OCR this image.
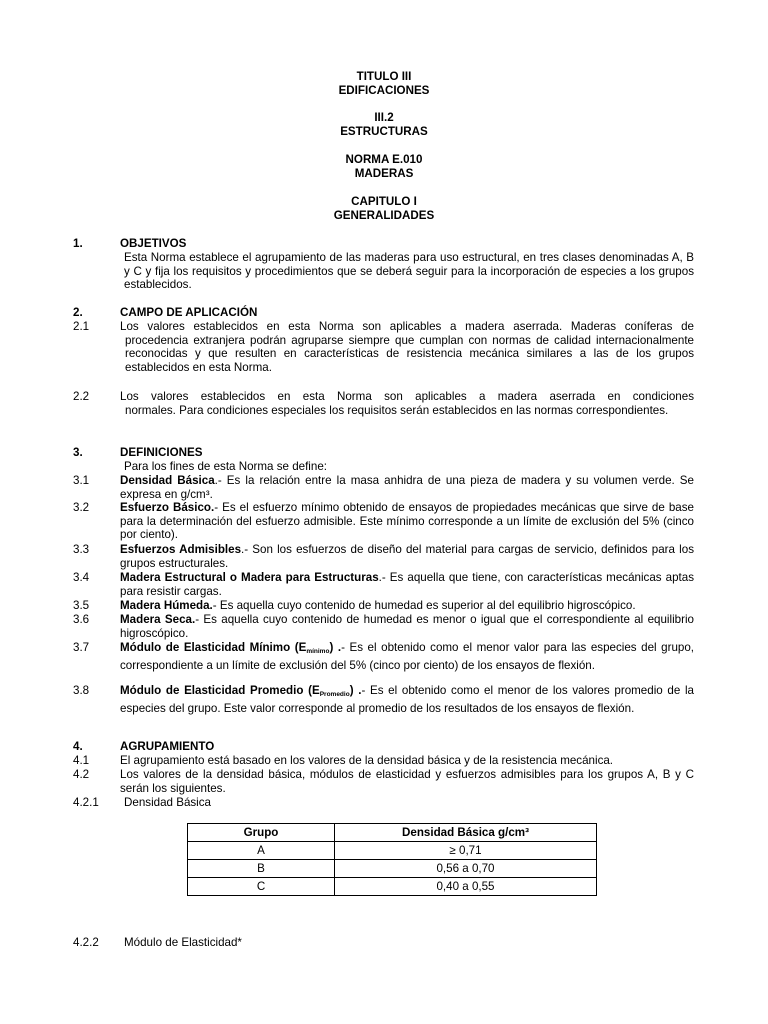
TITULO III
EDIFICACIONES
III.2
ESTRUCTURAS
NORMA E.010
MADERAS
CAPITULO I
GENERALIDADES
1.	OBJETIVOS
Esta Norma establece el agrupamiento de las maderas para uso estructural, en tres clases denominadas A, B y C y fija los requisitos y procedimientos que se deberá seguir para la incorporación de especies a los grupos establecidos.
2.	CAMPO DE APLICACIÓN
2.1	Los valores establecidos en esta Norma son aplicables a madera aserrada. Maderas coníferas de
procedencia extranjera podrán agruparse siempre que cumplan con normas de calidad internacionalmente reconocidas y que resulten en características de resistencia mecánica similares a las de los grupos establecidos en esta Norma.
2.2	Los valores establecidos en esta Norma son aplicables a madera aserrada en condiciones
normales. Para condiciones especiales los requisitos serán establecidos en las normas correspondientes.
3.	DEFINICIONES
Para los fines de esta Norma se define:
3.1	Densidad Básica.- Es la relación entre la masa anhidra de una pieza de madera y su volumen verde. Se expresa en g/cm³.
3.2	Esfuerzo Básico.- Es el esfuerzo mínimo obtenido de ensayos de propiedades mecánicas que sirve de base para la determinación del esfuerzo admisible. Este mínimo corresponde a un límite de exclusión del 5% (cinco por ciento).
3.3	Esfuerzos Admisibles.- Son los esfuerzos de diseño del material para cargas de servicio, definidos para los grupos estructurales.
3.4	Madera Estructural o Madera para Estructuras.- Es aquella que tiene, con características mecánicas aptas para resistir cargas.
3.5	Madera Húmeda.- Es aquella cuyo contenido de humedad es superior al del equilibrio higroscópico.
3.6	Madera Seca.- Es aquella cuyo contenido de humedad es menor o igual que el correspondiente al equilibrio higroscópico.
3.7	Módulo de Elasticidad Mínimo $(E_{mínimo})$ .- Es el obtenido como el menor valor para las especies del grupo, correspondiente a un límite de exclusión del 5% (cinco por ciento) de los ensayos de flexión.
3.8	Módulo de Elasticidad Promedio $(E_{Promedio})$ .- Es el obtenido como el menor de los valores promedio de la especies del grupo. Este valor corresponde al promedio de los resultados de los ensayos de flexión.
4.	AGRUPAMIENTO
4.1	El agrupamiento está basado en los valores de la densidad básica y de la resistencia mecánica.
4.2	Los valores de la densidad básica, módulos de elasticidad y esfuerzos admisibles para los grupos A, B y C serán los siguientes.
4.2.1 Densidad Básica
Grupo	Densidad Básica g/cm³
A	≥ 0,71
B	0,56 a 0,70
C	0,40 a 0,55
4.2.2 Módulo de Elasticidad*
